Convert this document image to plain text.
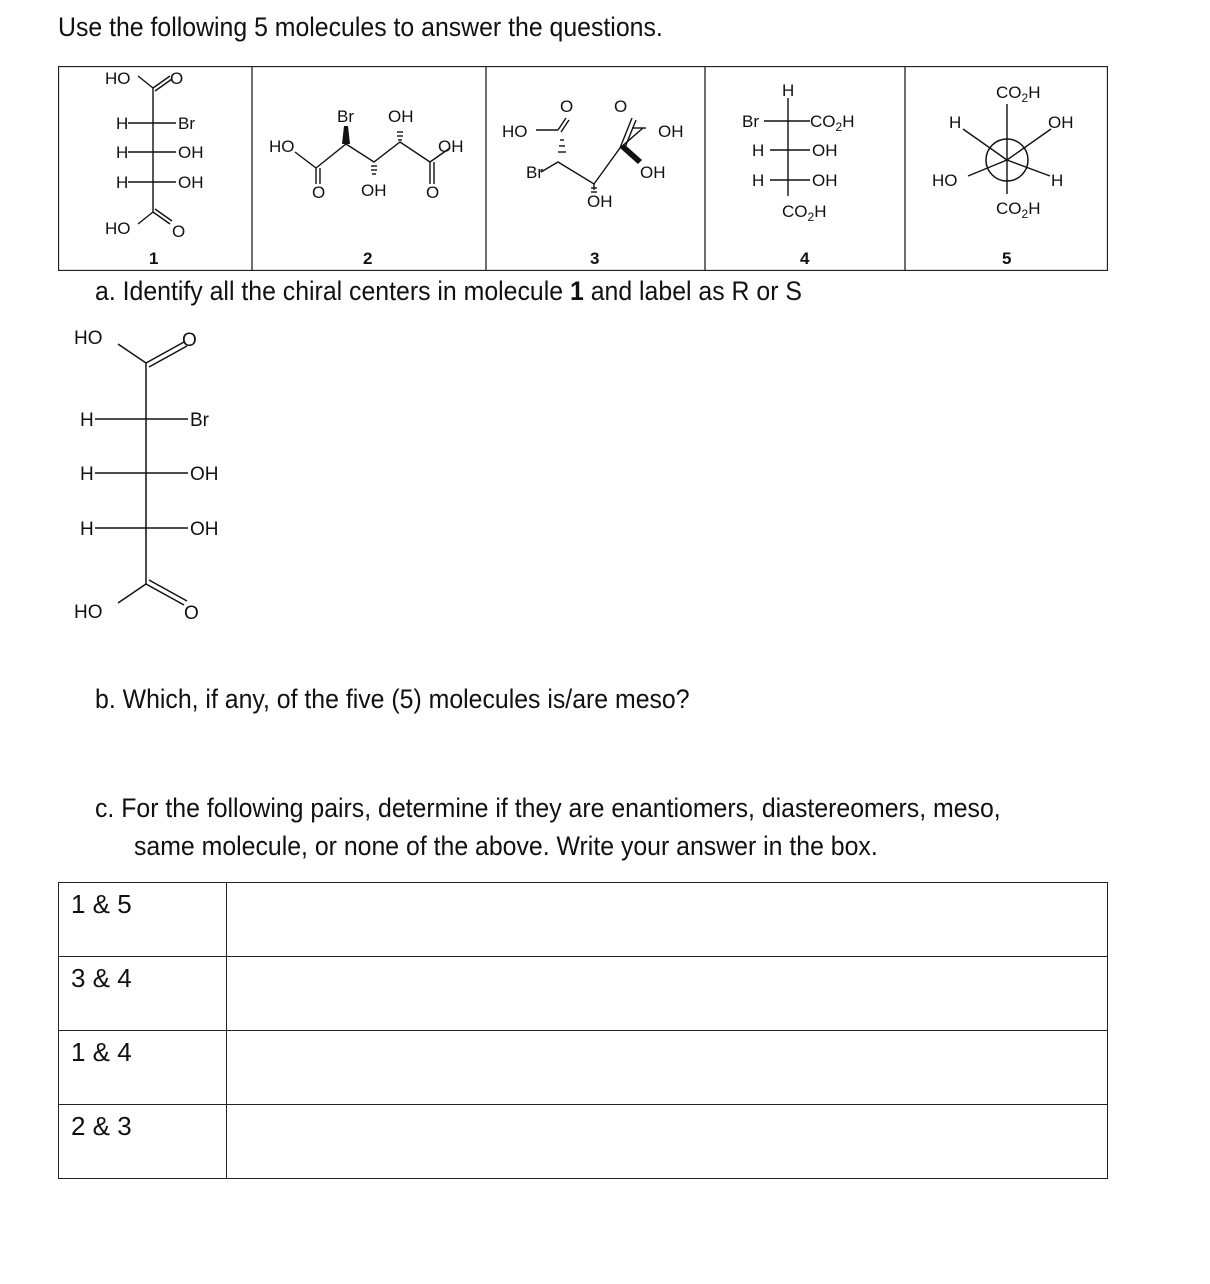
Use the following 5 molecules to answer the questions.
HO O
H	Br
H	OH
H	OH
HO O
1
Br OH
HO	OH
O OH O
2
O O
HO	OH
Br	OH
OH
3
H
Br	$CO_2H$
H	OH
H	OH
$CO_2H$
4
$CO_2H$
H	OH
HO	H
$CO_2H$
5
a. Identify all the chiral centers in molecule 1 and label as R or S
HO	O
H	Br
H	OH
H	OH
HO	O
b. Which, if any, of the five (5) molecules is/are meso?
c. For the following pairs, determine if they are enantiomers, diastereomers, meso,
same molecule, or none of the above. Write your answer in the box.
1 & 5	

3 & 4	

1 & 4	

2 & 3	
